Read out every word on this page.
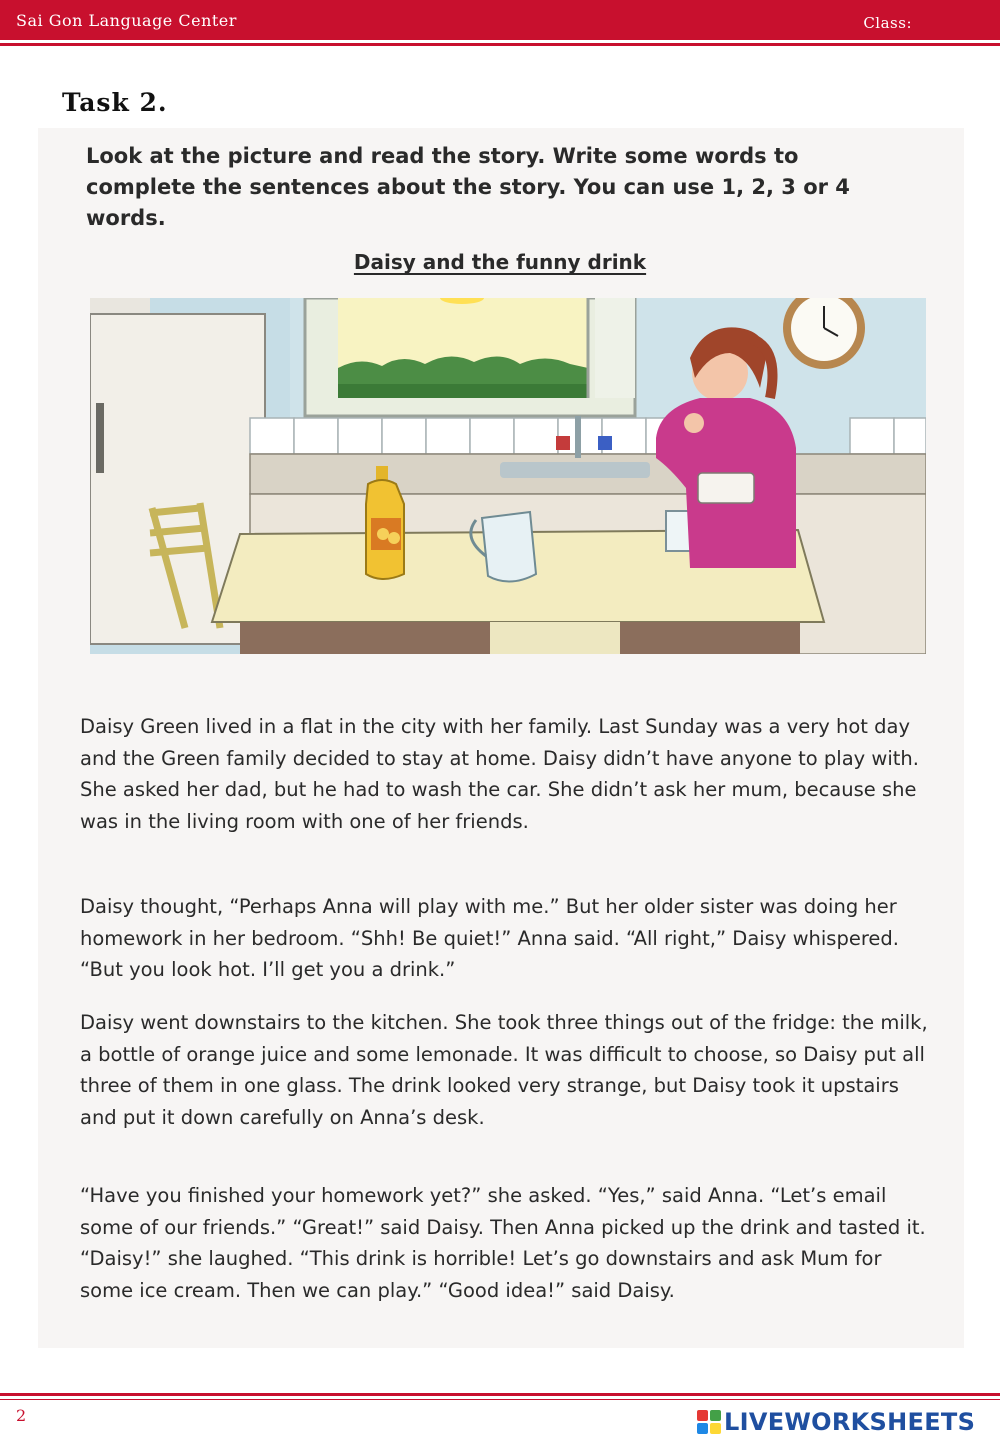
Sai Gon Language Center	Class:
Task 2.
Look at the picture and read the story. Write some words to complete the sentences about the story. You can use 1, 2, 3 or 4 words.
Daisy and the funny drink

Daisy Green lived in a flat in the city with her family. Last Sunday was a very hot day and the Green family decided to stay at home. Daisy didn’t have anyone to play with. She asked her dad, but he had to wash the car. She didn’t ask her mum, because she was in the living room with one of her friends.

Daisy thought, “Perhaps Anna will play with me.” But her older sister was doing her homework in her bedroom. “Shh! Be quiet!” Anna said. “All right,” Daisy whispered. “But you look hot. I’ll get you a drink.”

Daisy went downstairs to the kitchen. She took three things out of the fridge: the milk, a bottle of orange juice and some lemonade. It was difficult to choose, so Daisy put all three of them in one glass. The drink looked very strange, but Daisy took it upstairs and put it down carefully on Anna’s desk.

“Have you finished your homework yet?” she asked. “Yes,” said Anna. “Let’s email some of our friends.” “Great!” said Daisy. Then Anna picked up the drink and tasted it. “Daisy!” she laughed. “This drink is horrible! Let’s go downstairs and ask Mum for some ice cream. Then we can play.” “Good idea!” said Daisy.

2	LIVEWORKSHEETS
